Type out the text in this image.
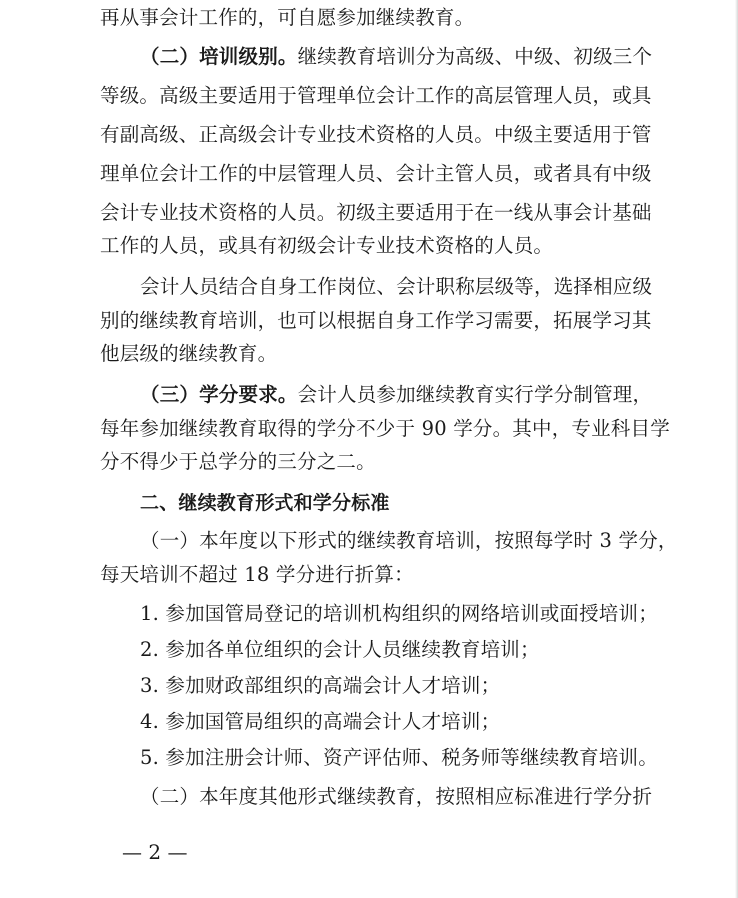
再从事会计工作的，可自愿参加继续教育。
（二）培训级别。继续教育培训分为高级、中级、初级三个
等级。高级主要适用于管理单位会计工作的高层管理人员，或具
有副高级、正高级会计专业技术资格的人员。中级主要适用于管
理单位会计工作的中层管理人员、会计主管人员，或者具有中级
会计专业技术资格的人员。初级主要适用于在一线从事会计基础
工作的人员，或具有初级会计专业技术资格的人员。
会计人员结合自身工作岗位、会计职称层级等，选择相应级
别的继续教育培训，也可以根据自身工作学习需要，拓展学习其
他层级的继续教育。
（三）学分要求。会计人员参加继续教育实行学分制管理，
每年参加继续教育取得的学分不少于 90 学分。其中，专业科目学
分不得少于总学分的三分之二。
二、继续教育形式和学分标准
（一）本年度以下形式的继续教育培训，按照每学时 3 学分，
每天培训不超过 18 学分进行折算：
1. 参加国管局登记的培训机构组织的网络培训或面授培训；
2. 参加各单位组织的会计人员继续教育培训；
3. 参加财政部组织的高端会计人才培训；
4. 参加国管局组织的高端会计人才培训；
5. 参加注册会计师、资产评估师、税务师等继续教育培训。
（二）本年度其他形式继续教育，按照相应标准进行学分折
— 2 —
